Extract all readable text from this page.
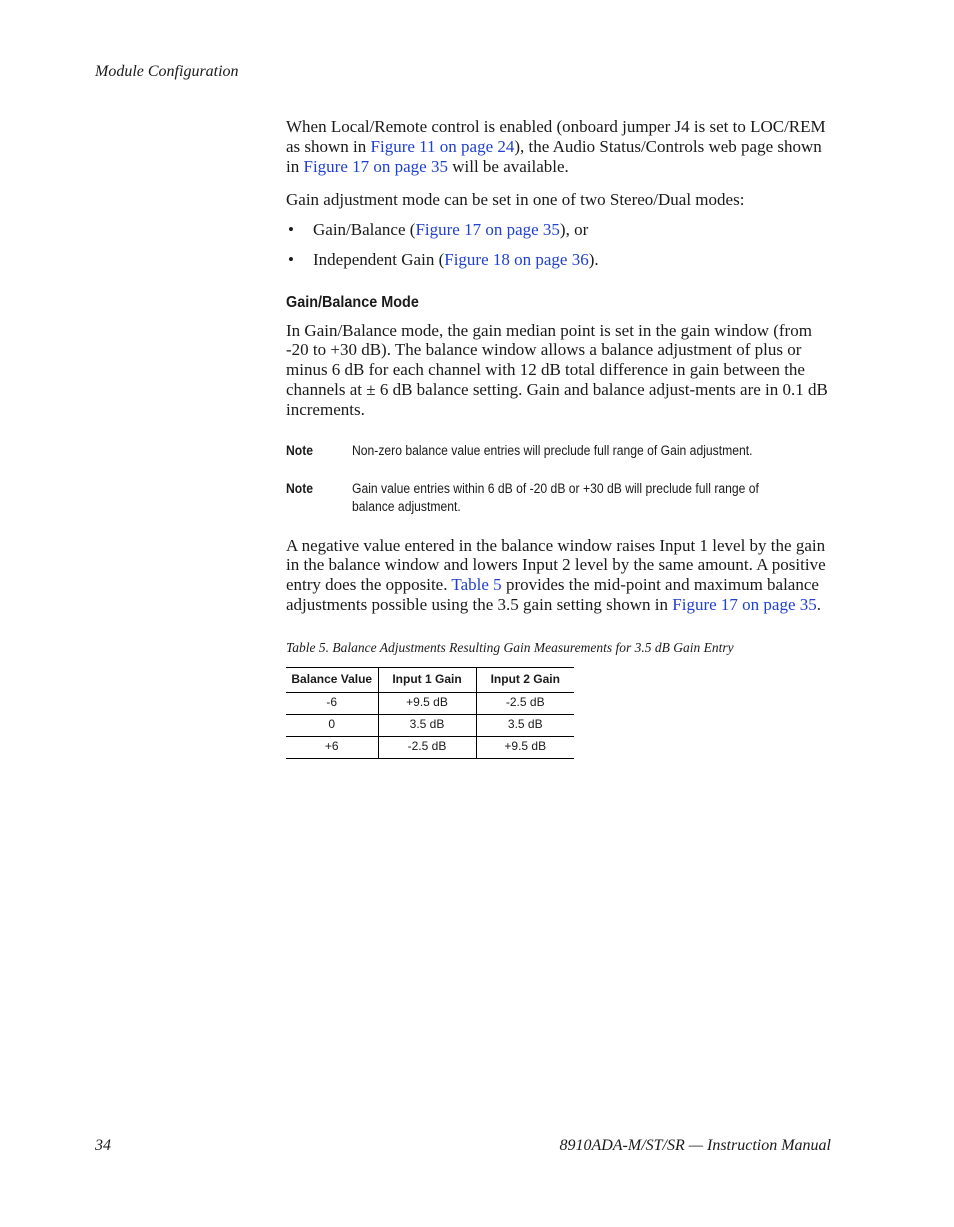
Module Configuration

When Local/Remote control is enabled (onboard jumper J4 is set to LOC/REM as shown in Figure 11 on page 24), the Audio Status/Controls web page shown in Figure 17 on page 35 will be available.

Gain adjustment mode can be set in one of two Stereo/Dual modes:

• Gain/Balance (Figure 17 on page 35), or
• Independent Gain (Figure 18 on page 36).
Gain/Balance Mode

In Gain/Balance mode, the gain median point is set in the gain window (from -20 to +30 dB). The balance window allows a balance adjustment of plus or minus 6 dB for each channel with 12 dB total difference in gain between the channels at ± 6 dB balance setting. Gain and balance adjust-ments are in 0.1 dB increments.

Note	Non-zero balance value entries will preclude full range of Gain adjustment.
Note	Gain value entries within 6 dB of -20 dB or +30 dB will preclude full range of
balance adjustment.

A negative value entered in the balance window raises Input 1 level by the gain in the balance window and lowers Input 2 level by the same amount. A positive entry does the opposite. Table 5 provides the mid-point and maximum balance adjustments possible using the 3.5 gain setting shown in Figure 17 on page 35.

Table 5. Balance Adjustments Resulting Gain Measurements for 3.5 dB Gain Entry
Balance Value	Input 1 Gain	Input 2 Gain
-6	+9.5 dB	-2.5 dB
0	3.5 dB	3.5 dB
+6	-2.5 dB	+9.5 dB
34	8910ADA-M/ST/SR — Instruction Manual
